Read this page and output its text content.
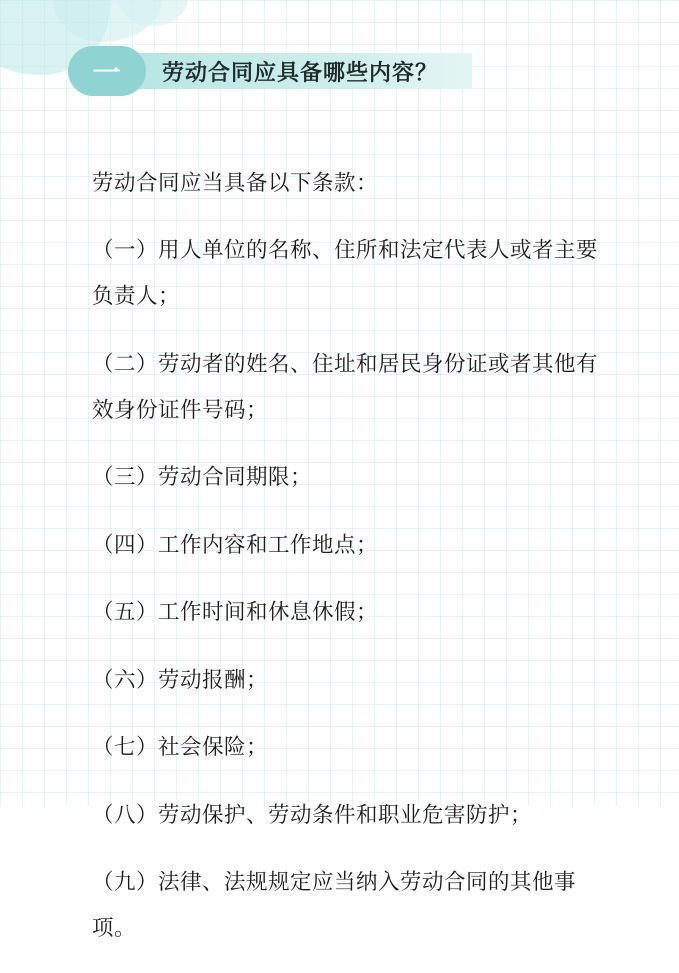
一	劳动合同应具备哪些内容？

劳动合同应当具备以下条款：

（一）用人单位的名称、住所和法定代表人或者主要负责人；

（二）劳动者的姓名、住址和居民身份证或者其他有效身份证件号码；

（三）劳动合同期限；

（四）工作内容和工作地点；

（五）工作时间和休息休假；

（六）劳动报酬；

（七）社会保险；

（八）劳动保护、劳动条件和职业危害防护；

（九）法律、法规规定应当纳入劳动合同的其他事项。
